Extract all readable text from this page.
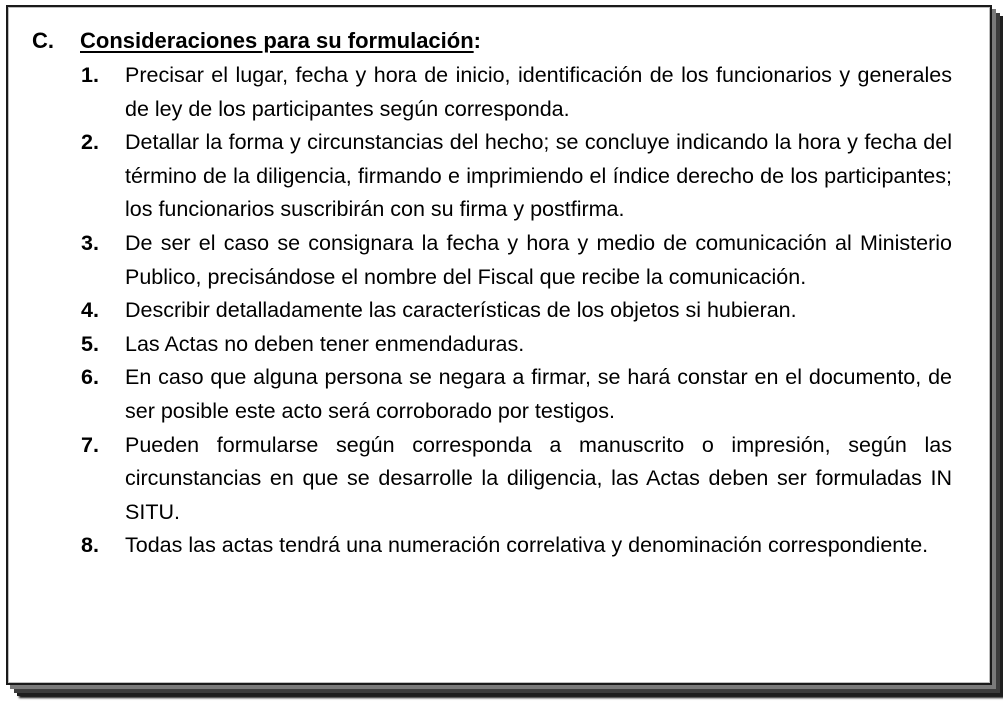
C.	Consideraciones para su formulación:
1.	Precisar el lugar, fecha y hora de inicio, identificación de los funcionarios y generales de ley de los participantes según corresponda.
2.	Detallar la forma y circunstancias del hecho; se concluye indicando la hora y fecha del término de la diligencia, firmando e imprimiendo el índice derecho de los participantes; los funcionarios suscribirán con su firma y postfirma.
3.	De ser el caso se consignara la fecha y hora y medio de comunicación al Ministerio Publico, precisándose el nombre del Fiscal que recibe la comunicación.
4.	Describir detalladamente las características de los objetos si hubieran.
5.	Las Actas no deben tener enmendaduras.
6.	En caso que alguna persona se negara a firmar, se hará constar en el documento, de ser posible este acto será corroborado por testigos.
7.	Pueden formularse según corresponda a manuscrito o impresión, según las circunstancias en que se desarrolle la diligencia, las Actas deben ser formuladas IN SITU.
8.	Todas las actas tendrá una numeración correlativa y denominación correspondiente.
